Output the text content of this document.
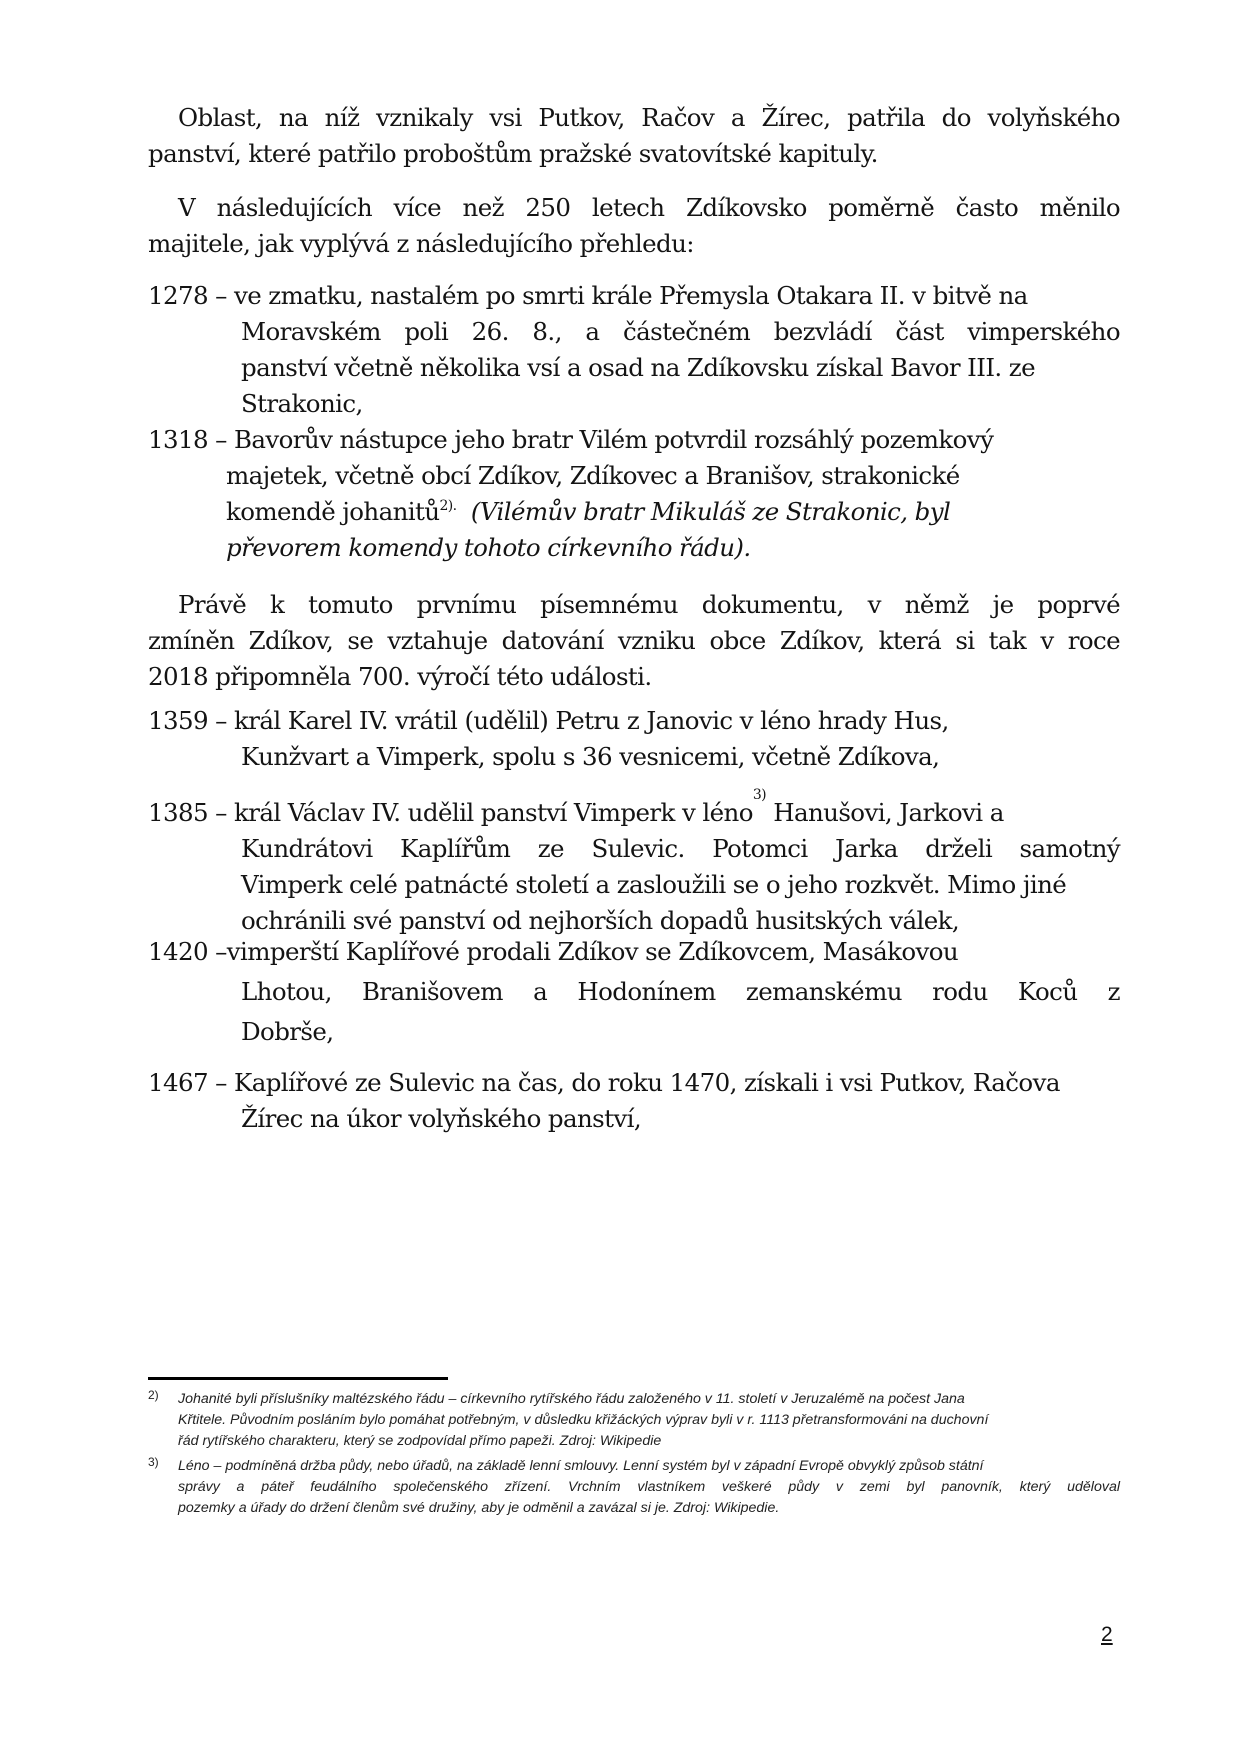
Oblast, na níž vznikaly vsi Putkov, Račov a Žírec, patřila do volyňského
panství, které patřilo proboštům pražské svatovítské kapituly.

V následujících více než 250 letech Zdíkovsko poměrně často měnilo
majitele, jak vyplývá z následujícího přehledu:

1278 – ve zmatku, nastalém po smrti krále Přemysla Otakara II. v bitvě na
Moravském poli 26. 8., a částečném bezvládí část vimperského
panství včetně několika vsí a osad na Zdíkovsku získal Bavor III. ze
Strakonic,
1318 – Bavorův nástupce jeho bratr Vilém potvrdil rozsáhlý pozemkový
majetek, včetně obcí Zdíkov, Zdíkovec a Branišov, strakonické
komendě johanitů$^{2).}$ (Vilémův bratr Mikuláš ze Strakonic, byl
převorem komendy tohoto církevního řádu).

Právě k tomuto prvnímu písemnému dokumentu, v němž je poprvé
zmíněn Zdíkov, se vztahuje datování vzniku obce Zdíkov, která si tak v roce
2018 připomněla 700. výročí této události.

1359 – král Karel IV. vrátil (udělil) Petru z Janovic v léno hrady Hus,
Kunžvart a Vimperk, spolu s 36 vesnicemi, včetně Zdíkova,
1385 – král Václav IV. udělil panství Vimperk v léno
3)
Hanušovi, Jarkovi a
Kundrátovi Kaplířům ze Sulevic. Potomci Jarka drželi samotný
Vimperk celé patnácté století a zasloužili se o jeho rozkvět. Mimo jiné
ochránili své panství od nejhorších dopadů husitských válek,
1420 – vimperští Kaplířové prodali Zdíkov se Zdíkovcem, Masákovou
Lhotou, Branišovem a Hodonínem zemanskému rodu Koců z
Dobrše,
1467 – Kaplířové ze Sulevic na čas, do roku 1470, získali i vsi Putkov, Račova
Žírec na úkor volyňského panství,
2) Johanité byli příslušníky maltézského řádu – církevního rytířského řádu založeného v 11. století v Jeruzalémě na počest Jana
Křtitele. Původním posláním bylo pomáhat potřebným, v důsledku křižáckých výprav byli v r. 1113 přetransformováni na duchovní
řád rytířského charakteru, který se zodpovídal přímo papeži. Zdroj: Wikipedie
3) Léno – podmíněná držba půdy, nebo úřadů, na základě lenní smlouvy. Lenní systém byl v západní Evropě obvyklý způsob státní
správy a páteř feudálního společenského zřízení. Vrchním vlastníkem veškeré půdy v zemi byl panovník, který uděloval
pozemky a úřady do držení členům své družiny, aby je odměnil a zavázal si je. Zdroj: Wikipedie.
2
